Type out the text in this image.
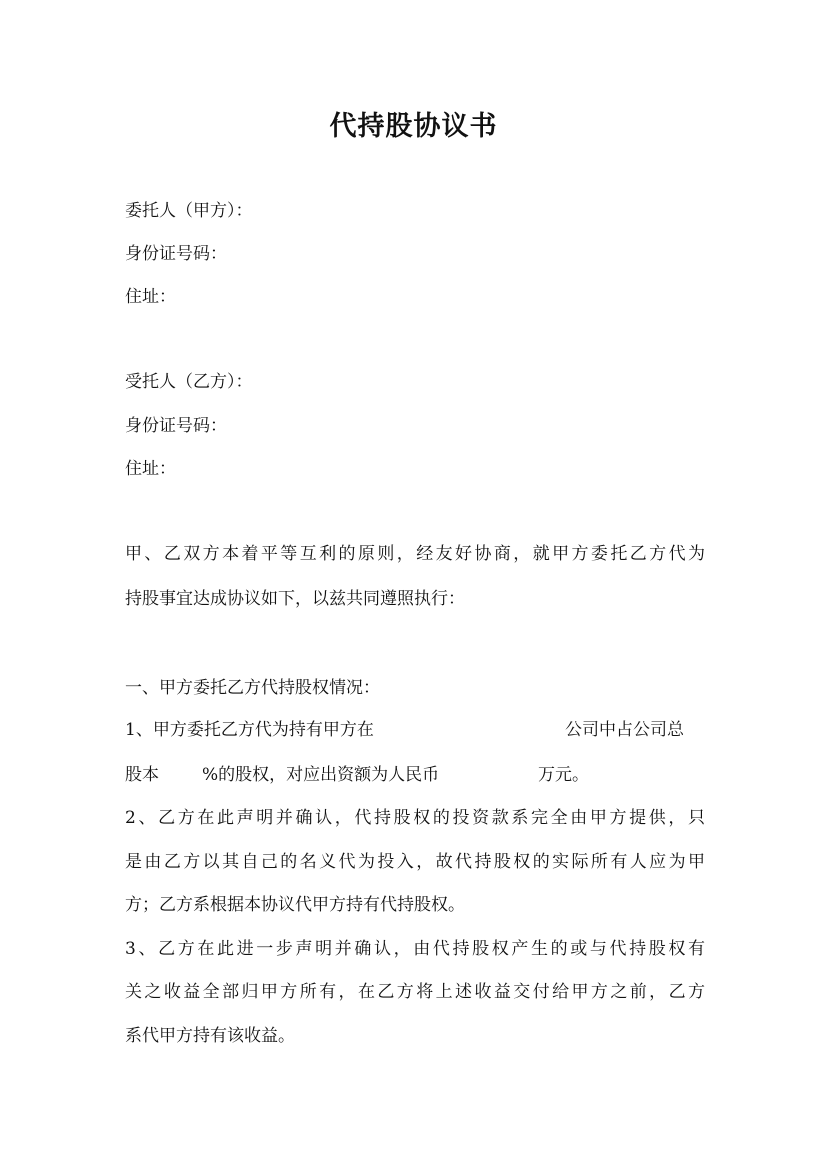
代持股协议书
委托人（甲方）：
身份证号码：
住址：
受托人（乙方）：
身份证号码：
住址：
甲、乙双方本着平等互利的原则，经友好协商，就甲方委托乙方代为
持股事宜达成协议如下，以兹共同遵照执行：
一、甲方委托乙方代持股权情况：
1、甲方委托乙方代为持有甲方在	公司中占公司总
股本	%的股权，对应出资额为人民币	万元。
2、乙方在此声明并确认，代持股权的投资款系完全由甲方提供，只
是由乙方以其自己的名义代为投入，故代持股权的实际所有人应为甲
方；乙方系根据本协议代甲方持有代持股权。
3、乙方在此进一步声明并确认，由代持股权产生的或与代持股权有
关之收益全部归甲方所有，在乙方将上述收益交付给甲方之前，乙方
系代甲方持有该收益。
